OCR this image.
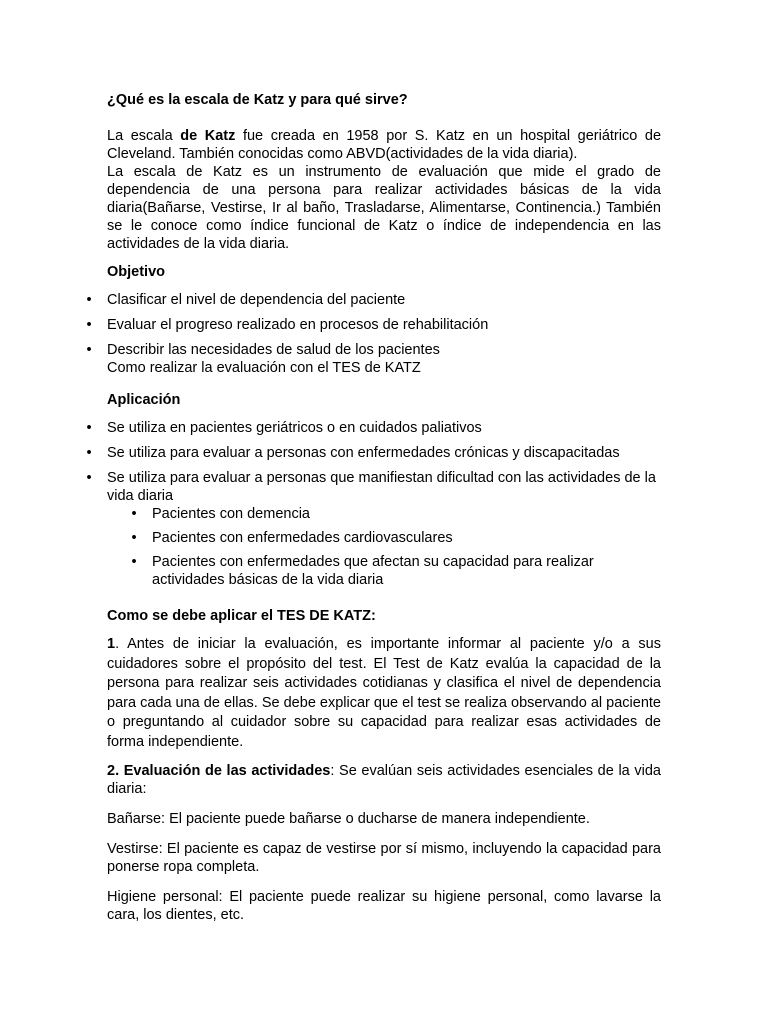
¿Qué es la escala de Katz y para qué sirve?

La escala de Katz fue creada en 1958 por S. Katz en un hospital geriátrico de Cleveland. También conocidas como ABVD(actividades de la vida diaria).

La escala de Katz es un instrumento de evaluación que mide el grado de dependencia de una persona para realizar actividades básicas de la vida diaria(Bañarse, Vestirse, Ir al baño, Trasladarse, Alimentarse, Continencia.) También se le conoce como índice funcional de Katz o índice de independencia en las actividades de la vida diaria.

Objetivo

• Clasificar el nivel de dependencia del paciente
• Evaluar el progreso realizado en procesos de rehabilitación
• Describir las necesidades de salud de los pacientes
Como realizar la evaluación con el TES de KATZ

Aplicación

• Se utiliza en pacientes geriátricos o en cuidados paliativos
• Se utiliza para evaluar a personas con enfermedades crónicas y discapacitadas
• Se utiliza para evaluar a personas que manifiestan dificultad con las actividades de la vida diaria
• Pacientes con demencia
• Pacientes con enfermedades cardiovasculares
• Pacientes con enfermedades que afectan su capacidad para realizar actividades básicas de la vida diaria

Como se debe aplicar el TES DE KATZ:

1. Antes de iniciar la evaluación, es importante informar al paciente y/o a sus cuidadores sobre el propósito del test. El Test de Katz evalúa la capacidad de la persona para realizar seis actividades cotidianas y clasifica el nivel de dependencia para cada una de ellas. Se debe explicar que el test se realiza observando al paciente o preguntando al cuidador sobre su capacidad para realizar esas actividades de forma independiente.

2. Evaluación de las actividades: Se evalúan seis actividades esenciales de la vida diaria:

Bañarse: El paciente puede bañarse o ducharse de manera independiente.

Vestirse: El paciente es capaz de vestirse por sí mismo, incluyendo la capacidad para ponerse ropa completa.

Higiene personal: El paciente puede realizar su higiene personal, como lavarse la cara, los dientes, etc.
